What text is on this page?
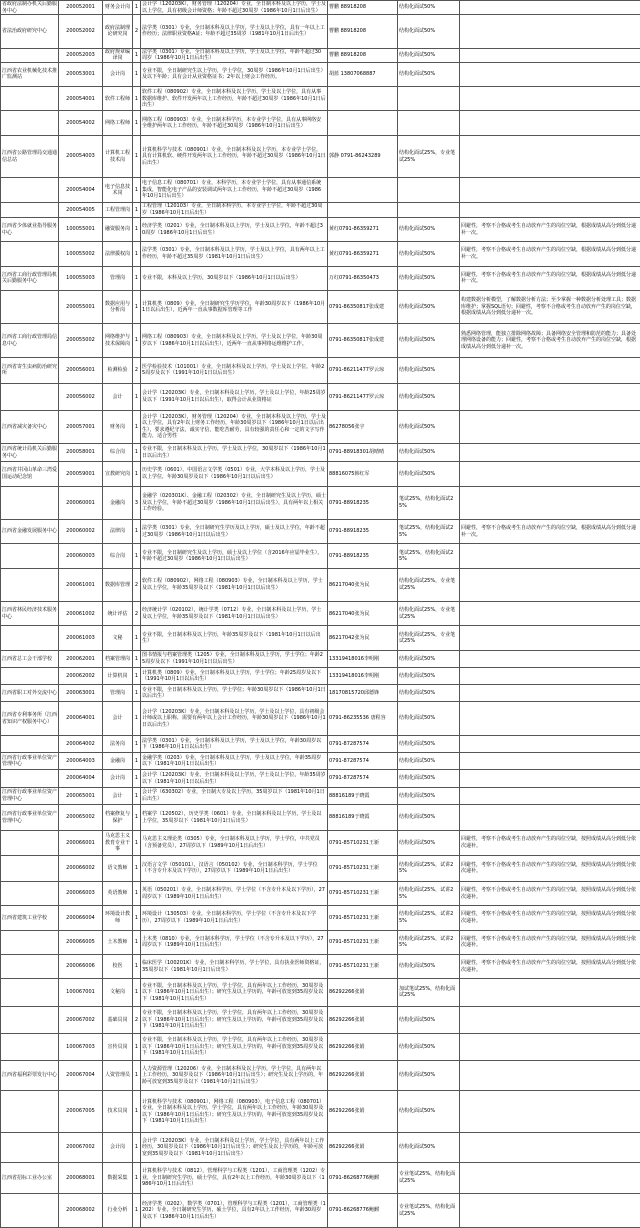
省政府法制办机关后勤服务中心	200052001	财务会计岗	1	会计学（120203K），财务管理（120204）专业，全日制本科及以上学历，学士及以上学位，具有初级会计师资格；年龄不超过30周岁（1986年10月1日后出生）	曹鹏 88918208	结构化面试50%	
省法治政府研究中心	200052002	政府法制理论研究岗	2	法学类（0301）专业，全日制本科及以上学历，学士及以上学位，具有一年以上工作经历；法律职业资格A证；年龄不超过35周岁（1981年10月1日后出生）	曹鹏 88918208	结构化面试50%	
	200052003	政府规章编译岗	1	法学类（0301）专业，全日制本科及以上学历，学士及以上学位，年龄不超过30周岁（1986年10月1日后出生）	曹鹏 88918208	结构化面试50%	
江西省农业机械化技术推广监测站	200053001	会计岗	1	专业不限，全日制研究生以上学历，学士学位，30周岁（1986年10月1日后出生）及以下年龄；具有会计从业资格证书；2年以上财会工作经历。	胡蓝 13807068887	结构化面试50%	
	200054001	软件工程师	1	软件工程（080902）专业，全日制本科及以上学历，学士及以上学位，具有从事数据库维护、软件开发两年以上工作经历，年龄不超过30周岁（1986年10月1日后出生）			
	200054002	网络工程师	1	网络工程（080903）专业，全日制本科学历，本专业学士学位，具有从事网络安全维护两年以上工作经历，年龄不超过30周岁（1986年10月1日后出生）			
江西省公路管理局交通通信总站	200054003	计算机工程技术岗	1	计算机科学与技术（080901）专业，全日制本科及以上学历，本专业学士学位，具有计算机软、硬件开发两年以上工作经历，年龄不超过30周岁（1986年10月1日后出生）	郭静 0791-86243289	结构化面试25%，专业笔试25%	
	200054004	电子信息技术岗	1	电子信息工程（080701）专业，本科学历，本专业学士学位，具有从事通信系统集成，智能化电子产品的安装调试两年以上工作经历，年龄不超过30周岁（1986年10月1日后出生）			
	200054005	工程管理岗	1	工程管理（120103）专业，全日制本科学历，本专业学士学位，年龄不超过30周岁（1986年10月1日后出生）			
江西省少体就业指导服务中心	100055001	融资服务岗	1	经济学类（0201）专业，全日制本科及以上学历，学士及以上学位，年龄不超过30周岁（1986年10月1日后出生）	黄红0791-86359271	结构化面试50%	回避性，考察不合格或考生自动放弃产生的岗位空缺，根据成绩从高分到低分递补一次。
	100055002	法律援权岗	1	法学类（0301）专业，全日制本科及以上学历，学士及以上学位，具有两年以上工作经历，年龄不超过35周岁（1981年10月1日后出生）	黄红0791-86359271	结构化面试50%	回避性，考察不合格或考生自动放弃产生的岗位空缺，根据成绩从高分到低分递补一次。
江西省工商行政管理局机关后勤服务中心	100055003	管理岗	1	专业不限，本科及以上学历，30周岁以下（1986年10月1日以后出生）	万红0791-86350473	结构化面试50%	回避性，考察不合格或考生自动放弃产生的岗位空缺，根据成绩从高分到低分递补一次。
	200055001	数据应用与分析岗	1	计算机类（0809）专业，全日制研究生学历学位，年龄30周岁以下（1986年10月1日以后出生），近两年一直从事数据库管理等工作	0791-86350817张成建	结构化面试50%	构建数据分析模型，了解数据分析方法；至少掌握一种数据分析处理工具；数据库维护；掌握SQL语句；回避性，考察不合格或考生自动放弃产生的岗位空缺，根据成绩从高分到低分递补一次。
江西省工商行政管理局信息中心	200055002	网络维护与技术保障岗	1	网络工程（080903）专业，全日制本科及以上学历，学士及以上学位，年龄30周岁以下（1986年10月1日以后出生），近两年一直从事网络运维维护工作。	0791-86350817张成建	结构化面试50%	熟悉网络管理，能独立排除网络故障；具备网络安全管理和防范的能力；具备处理网络设备的能力；回避性，考察不合格或考生自动放弃产生的岗位空缺，根据成绩从高分到低分递补一次。
江西省寄生虫病防治研究所	200056001	检测检验	2	医学检验技术（101001）专业，全日制本科及以上学历，学士及以上学位，年龄25周岁及以下（1991年10月1日以后出生）	0791-86211477罗云琼	结构化面试50%	
	200056002	会计	1	会计学（120203K）专业，全日制本科及以上学历，学士及以上学位，年龄25周岁及以下（1991年10月1日以后出生），取得会计从业资格证	0791-86211477罗云琼	结构化面试50%	
江西省减灾备灾中心	200057001	财务岗	1	会计学（120203K），财务管理（120204）专业，全日制本科及以上学历，学士及以上学位，具有2年以上财务工作经历，年龄30周岁以下（1986年10月1日以后出生），要求遵纪守法，诚实守信，能吃苦耐劳，具有较强的责任心和一定的文字写作能力，适合男性	86278056张宇	结构化面试50%	
江西省统计局机关后勤服务中心	200058001	综合岗	1	专业不限，全日制本科及以上学历，学士及以上学位，30周岁以下（1986年10月1日以后出生）	0791-88918301胡晴晴	结构化面试50%	
江西省井冈山革命三湾爱国运动纪念馆	200059001	宣教研究岗	1	历史学类（0601）、中国语言文学类（0501）专业，大学本科及以上学历，学士及以上学位，年龄30周岁及以下（1986年10月1日以后出生）	88816075韩红军	结构化面试50%	
	200060001	金融岗	3	金融学（020301K）、金融工程（020302）专业，全日制研究生及以上学历，硕士及以上学位，年龄不超过30周岁（1986年10月1日以后出生），具有两年以上相关工作经验。	0791-88918235	笔试25%，结构化面试25%	
江西省金融发展服务中心	200060002	法律岗	1	法学类（0301）专业，全日制研究生学历及以上学历，硕士及以上学位，年龄不超过30周岁（1986年10月1日以后出生）	0791-88918235	笔试25%，结构化面试25%	回避性，考察不合格或考生自动放弃产生的岗位空缺，根据成绩从高分到低分递补一次。
	200060003	综合岗	1	专业不限，全日制研究生及以上学历，硕士及以上学位（含2016年应届毕业生），年龄不超过30周岁（1986年10月1日以后出生）	0791-88918235	笔试25%，结构化面试25%	
	200061001	数据库管理	2	软件工程（080902），网络工程（080903）专业，全日制本科及以上学历，学士及以上学位，年龄35周岁及以下（1981年10月1日以后出生）	86217040张为民	结构化面试25%，专业笔试25%	
江西省林民经济技术服务中心	200061002	统计评估	2	经济统计学（020102），统计学类（0712）专业，全日制本科及以上学历，学士及以上学位，年龄35周岁及以下（1981年10月1日以后出生）	86217040张为民	结构化面试25%，专业笔试25%	
	200061003	文秘	1	专业不限，全日制本科及以上学历，年龄35周岁及以下（1981年10月1日以后出生）	86217042张为民	结构化面试25%，专业笔试25%	
江西省总工会干部学校	200062001	档案管理岗	1	图书情报与档案管理类（1205）专业，全日制本科及以上学历，学士学位；年龄25周岁及以下（1991年10月1日以后出生）	13319418016李明刚	结构化面试50%	
	200062002	计算机岗	1	计算机类（0809）专业，全日制本科及以上学历，学士学位；年龄25周岁及以下（1991年10月1日以后出生）	13319418016李明刚	结构化面试50%	
江西省职工对外交流中心	200063001	管理岗	1	专业不限，全日制本科及以上学历，学士学位；年龄30周岁以下（1986年10月1日以后出生）	18170815720邱德锋	结构化面试50%	
江西省专利事务所（江西省知识产权服务中心）	200064001	会计	1	会计学（120203K）专业，全日制本科及以上学历，学士及以上学位，具有初级会计师或以上职称，需要有两年以上会计工作经历，年龄30周岁以下（1986年10月1日以后出生）	0791-86235536 唐程容	结构化面试50%	
	200064002	法务岗	1	法学类（0301）专业，全日制本科及以上学历，学士及以上学位，年龄30周岁以下（1986年10月1日以后出生）	0791-87287574	结构化面试50%	
江西省行政事业单位资产管理中心	200064003	金融岗	1	金融学类（0203）专业，全日制本科及以上学历，学士及以上学位，年龄35周岁以下（1981年10月1日以后出生）	0791-87287574	结构化面试50%	
	200064004	会计岗	1	会计学（120203K）专业，全日制本科及以上学历，学士及以上学位，年龄35周岁以下（1981年10月1日以后出生）	0791-87287574	结构化面试50%	
江西省行政事业单位资产管理中心	200065001	会计	1	会计学（630302）专业，全日制大专及以上学历，35周岁以下（1981年10月1日后出生）	88816189于晓霞	结构化面试50%	
江西省行政事业单位资产管理中心	200065002	档案修复与保护	1	档案学（120502），历史学类（0601）专业，全日制本科及以上学历，学士及以上学位，35周岁以下（1981年10月1日后出生）	88816189于晓霞	结构化面试50%	
	200066001	马克思主义教育专业干事	1	马克思主义理论类（0305）专业，全日制本科及以上学历，学士学位，中共党员（含预备党员），27周岁以下（1989年10月1日后出生）	0791-85710231王新	结构化面试50%	回避性，考察不合格或考生自动放弃产生的岗位空缺，按照成绩从高分到低分依次递补。
	200066002	语文教师	1	汉语言文学（050101），汉语言（050102）专业，全日制本科学历，学士学位（不含专升本及以下学历），27周岁以下（1989年10月1日后出生）	0791-85710231王新	结构化面试25%，试讲25%	回避性，考察不合格或考生自动放弃产生的岗位空缺，按照成绩从高分到低分依次递补。
	200066003	英语教师	1	英语（050201）专业，全日制本科学历，学士学位（不含专升本及以下学历），27周岁以下（1989年10月1日后出生）	0791-85710231王新	结构化面试25%，试讲25%	回避性，考察不合格或考生自动放弃产生的岗位空缺，按照成绩从高分到低分依次递补。
江西省建筑工业学校	200066004	环境设计教师	1	环境设计（130503）专业，全日制本科学历，学士学位（不含专升本及以下学历），27周岁以下（1989年10月1日后出生）	0791-85710231王新	结构化面试25%，试讲25%	回避性，考察不合格或考生自动放弃产生的岗位空缺，按照成绩从高分到低分依次递补。
	200066005	土木教师	1	土木类（0810）专业，全日制本科学历，学士学位（不含专升本及以下学历），27周岁以下（1989年10月1日后出生）	0791-85710231王新	结构化面试25%，试讲25%	回避性，考察不合格或考生自动放弃产生的岗位空缺，按照成绩从高分到低分依次递补。
	200066006	校医	1	临床医学（100201K）专业，全日制本科学历，学士学位，具有执业医师资格证，35周岁以下（1981年10月1日后出生）	0791-85710231王新	结构化面试50%	回避性，考察不合格或考生自动放弃产生的岗位空缺，按照成绩从高分到低分依次递补。
	100067001	文秘岗	1	专业不限，全日制本科及以上学历，学士学位，具有两年以上工作经历，30周岁及以下（1986年10月1日后出生）；研究生及以上学历的，年龄可放宽到35周岁及以下（1981年10月1日后出生）	86292266张娟	加试笔试25%，结构化面试25%	
	200067002	基础员岗	2	专业不限，全日制本科及以上学历，学士学位，具有两年以上工作经历，30周岁及以下（1986年10月1日后出生）；研究生及以上学历的，年龄可放宽到35周岁及以下（1981年10月1日后出生）	86292266张娟	结构化面试50%	
	100067003	宣传员岗	1	专业不限，全日制本科及以上学历，学士学位，具有两年以上工作经历，30周岁及以下（1986年10月1日后出生）；研究生及以上学历的，年龄可放宽到35周岁及以下（1981年10月1日后出生）	86292266张娟	结构化面试50%	
江西省福利彩票发行中心	200067004	人资管理员	1	人力资源管理（120206）专业，全日制本科及以上学历，学士学位，具有两年以上工作经历，30周岁及以下（1986年10月1日后出生）；研究生及以上学历的，年龄可放宽到35周岁及以下（1981年10月1日后出生）	86292266张娟	结构化面试50%	
	200067005	技术员岗	1	计算机科学与技术（080901），网络工程（080903），电子信息工程（080701）专业，全日制本科及以上学历，学士学位，具有两年以上工作经历，年龄30周岁及以下（1986年10月1日后出生）；研究生及以上学历的，年龄可放宽到35周岁及以下（1981年10月1日后出生）	86292266张娟	结构化面试50%	
	200067002	会计岗	1	会计学（120203K）专业，全日制本科及以上学历，学士学位，具有两年以上工作经历，30周岁及以下（1986年10月1日后出生）；研究生及以上学历的，年龄可放宽到35周岁及以下（1981年10月1日后出生）	86292266张娟	结构化面试50%	
江西省招标工业办公室	200068001	数据采集	1	计算机科学与技术（0812），管理科学与工程类（1201），工商管理类（1202）专业，全日制研究生学历，硕士学位，具有2年以上工作经历，年龄30周岁及以下（1986年10月1日后出生）	0791-86268776鲍麒	专业笔试25%，结构化面试25%	
	200068002	行业分析	1	经济学类（0202），数学类（0701），管理科学与工程类（1201），工商管理类（1202）专业，全日制研究生学历，硕士学位，具有2年以上工作经历，年龄30周岁及以下（1986年10月1日后出生）	0791-86268776鲍麒	专业笔试25%，结构化面试25%	
